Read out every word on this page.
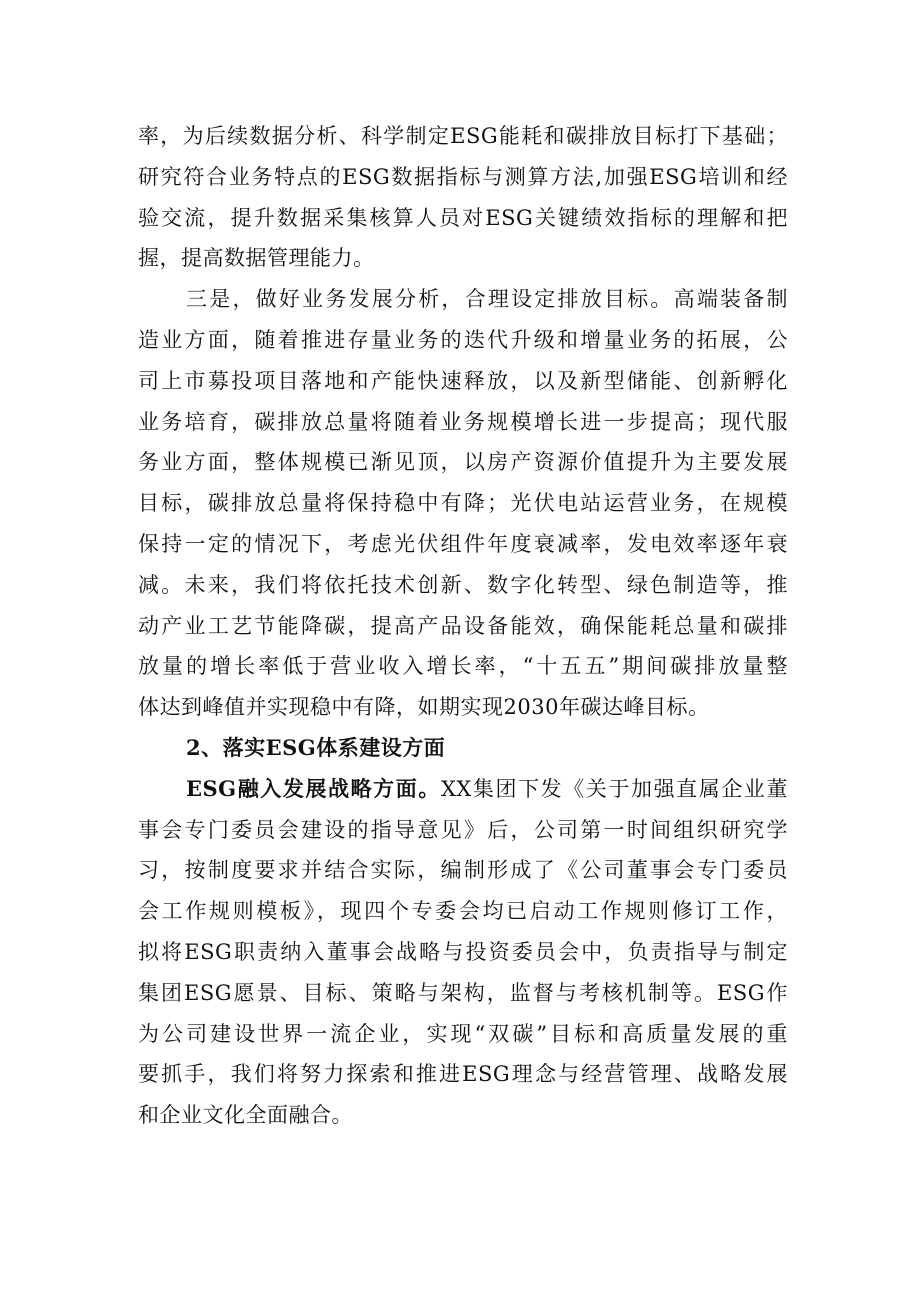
率，为后续数据分析、科学制定ESG能耗和碳排放目标打下基础；
研究符合业务特点的ESG数据指标与测算方法,加强ESG培训和经
验交流，提升数据采集核算人员对ESG关键绩效指标的理解和把
握，提高数据管理能力。
三是，做好业务发展分析，合理设定排放目标。高端装备制
造业方面，随着推进存量业务的迭代升级和增量业务的拓展，公
司上市募投项目落地和产能快速释放，以及新型储能、创新孵化
业务培育，碳排放总量将随着业务规模增长进一步提高；现代服
务业方面，整体规模已渐见顶，以房产资源价值提升为主要发展
目标，碳排放总量将保持稳中有降；光伏电站运营业务，在规模
保持一定的情况下，考虑光伏组件年度衰减率，发电效率逐年衰
减。未来，我们将依托技术创新、数字化转型、绿色制造等，推
动产业工艺节能降碳，提高产品设备能效，确保能耗总量和碳排
放量的增长率低于营业收入增长率，“十五五”期间碳排放量整
体达到峰值并实现稳中有降，如期实现2030年碳达峰目标。
2、落实ESG体系建设方面
ESG融入发展战略方面。XX集团下发《关于加强直属企业董
事会专门委员会建设的指导意见》后，公司第一时间组织研究学
习，按制度要求并结合实际，编制形成了《公司董事会专门委员
会工作规则模板》，现四个专委会均已启动工作规则修订工作，
拟将ESG职责纳入董事会战略与投资委员会中，负责指导与制定
集团ESG愿景、目标、策略与架构，监督与考核机制等。ESG作
为公司建设世界一流企业，实现“双碳”目标和高质量发展的重
要抓手，我们将努力探索和推进ESG理念与经营管理、战略发展
和企业文化全面融合。
